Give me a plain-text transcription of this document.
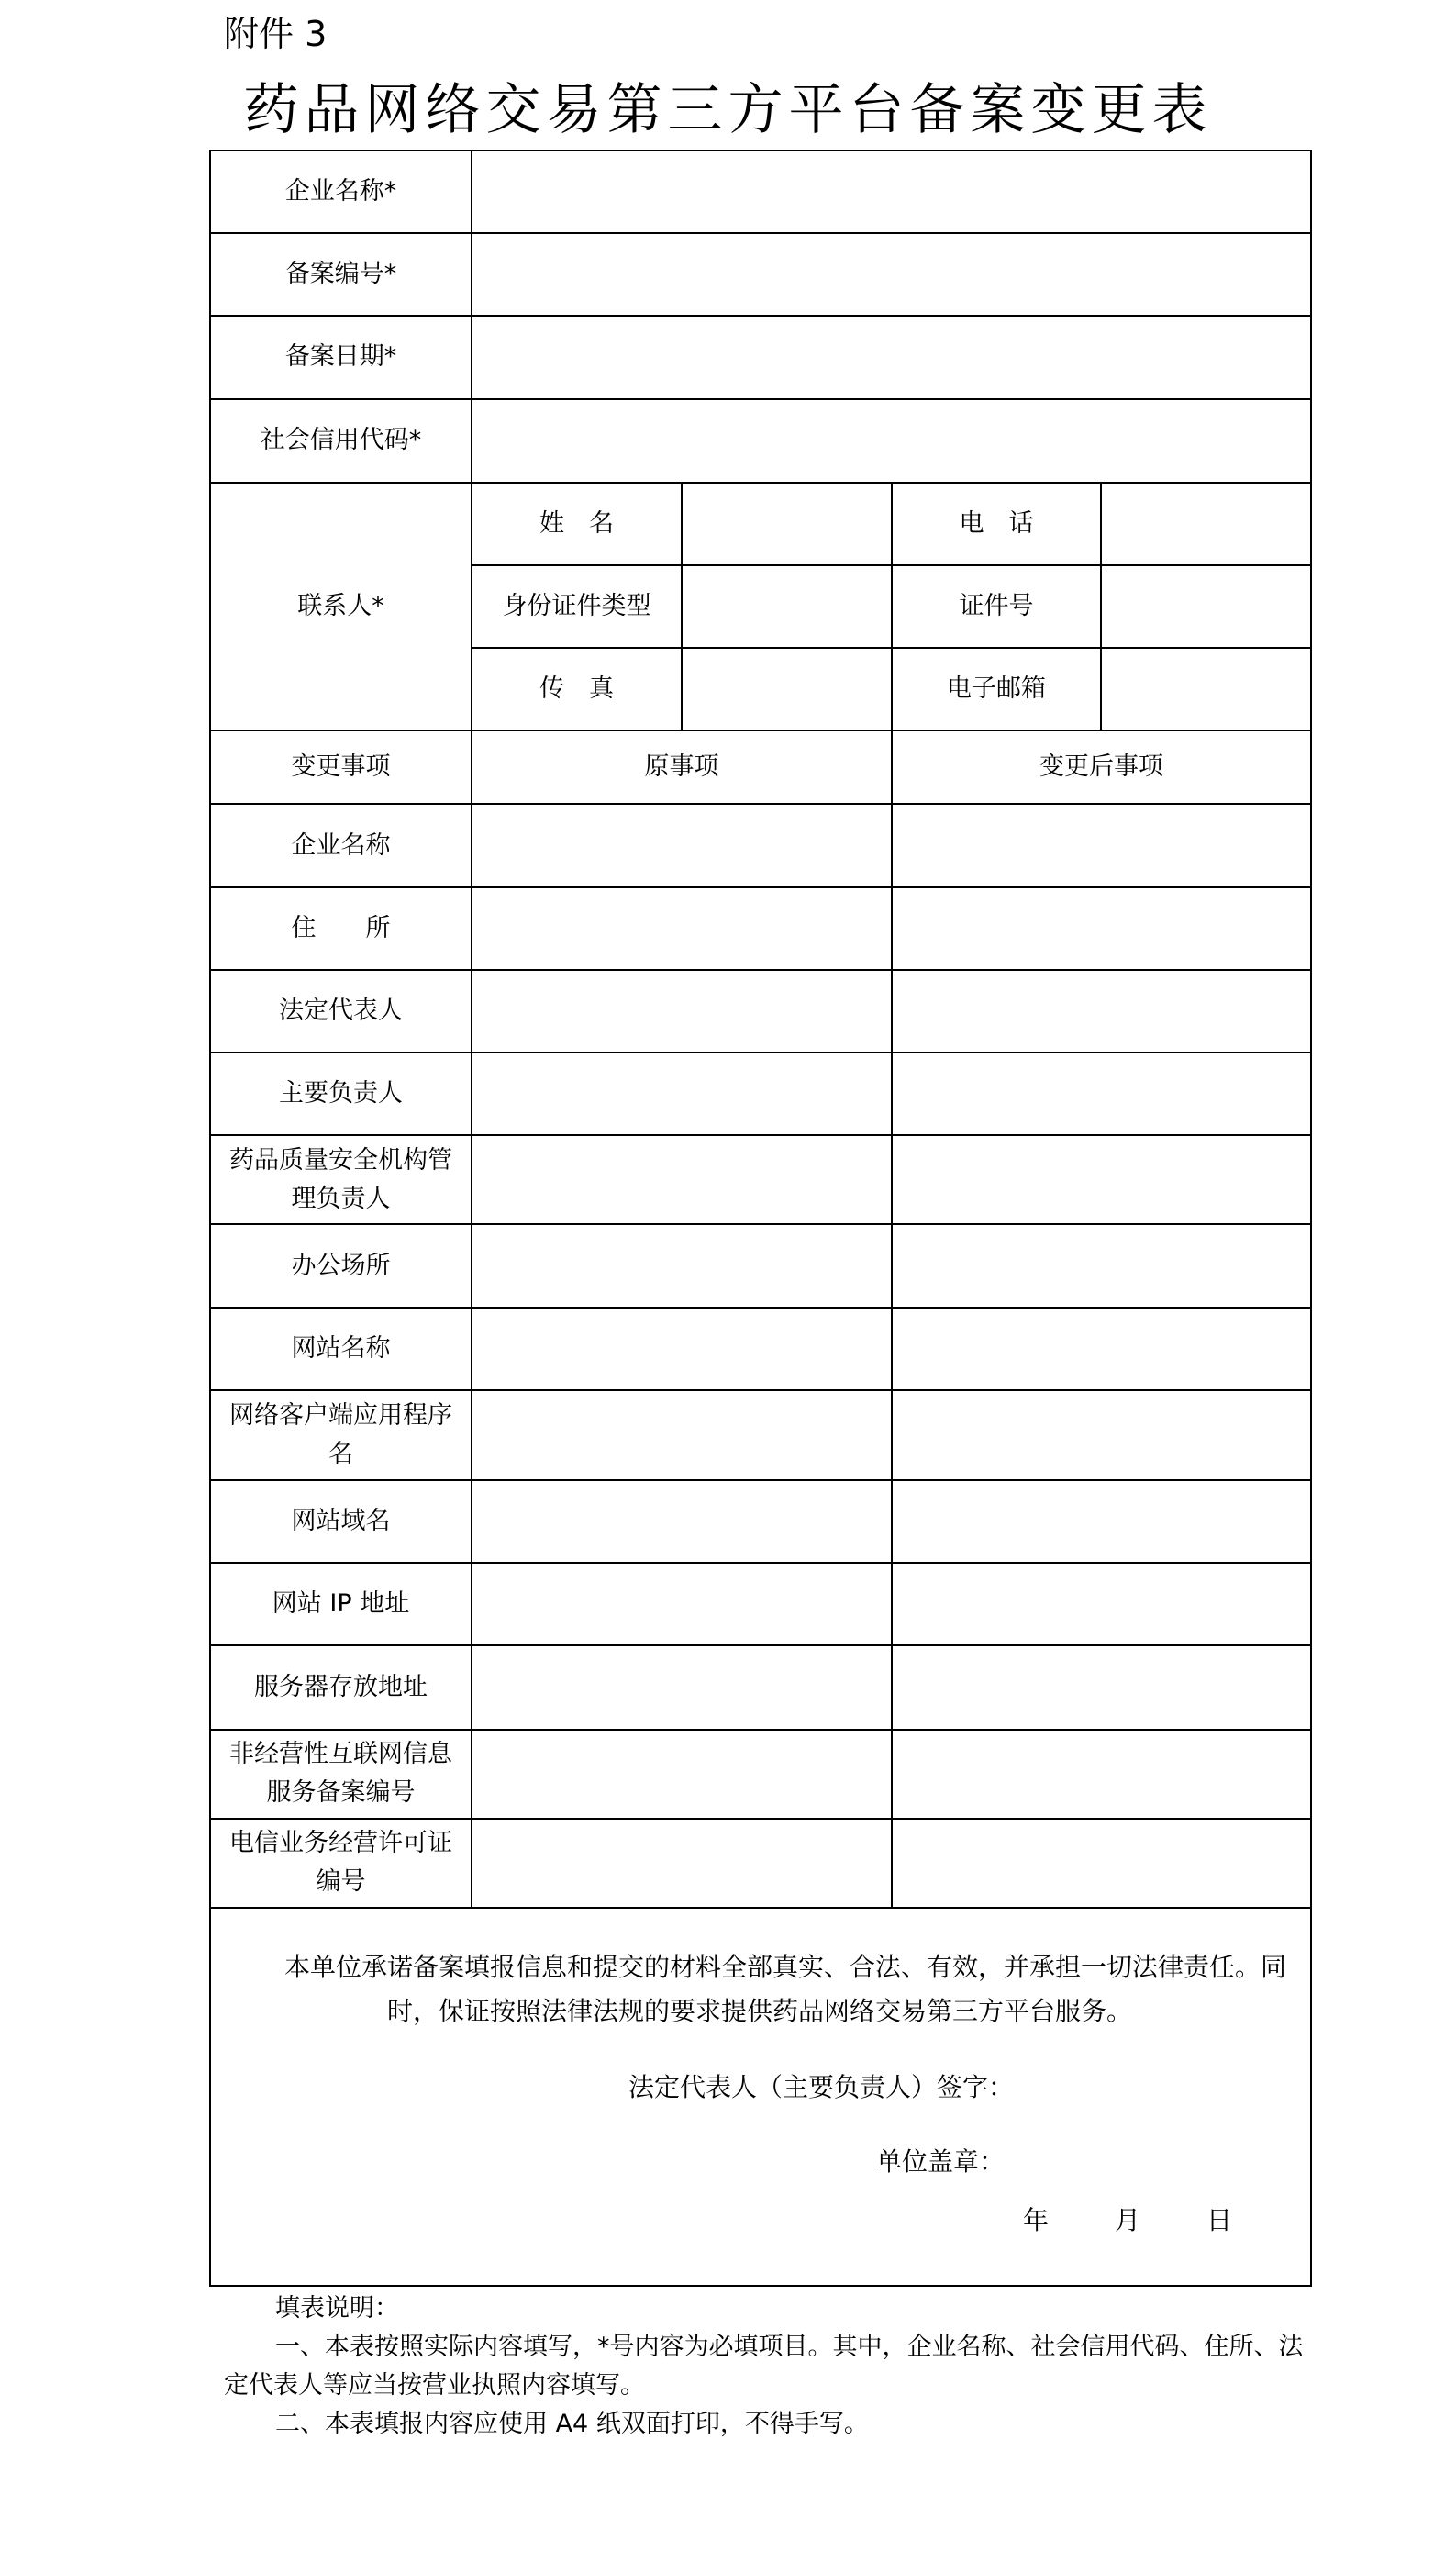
附件 3
药品网络交易第三方平台备案变更表
企业名称*				
备案编号*				
备案日期*				
社会信用代码*				
联系人*	姓　名		电　话	
	身份证件类型		证件号	
	传　真		电子邮箱	
变更事项	原事项		变更后事项	
企业名称				
住　　所				
法定代表人				
主要负责人				
药品质量安全机构管理负责人				
办公场所				
网站名称				
网络客户端应用程序名				
网站域名				
网站 IP 地址				
服务器存放地址				
非经营性互联网信息服务备案编号				
电信业务经营许可证编号				

本单位承诺备案填报信息和提交的材料全部真实、合法、有效，并承担一切法律责任。同时，保证按照法律法规的要求提供药品网络交易第三方平台服务。
法定代表人（主要负责人）签字：
单位盖章：
年 月 日				
填表说明：
一、本表按照实际内容填写，*号内容为必填项目。其中，企业名称、社会信用代码、住所、法定代表人等应当按营业执照内容填写。
二、本表填报内容应使用 A4 纸双面打印，不得手写。
